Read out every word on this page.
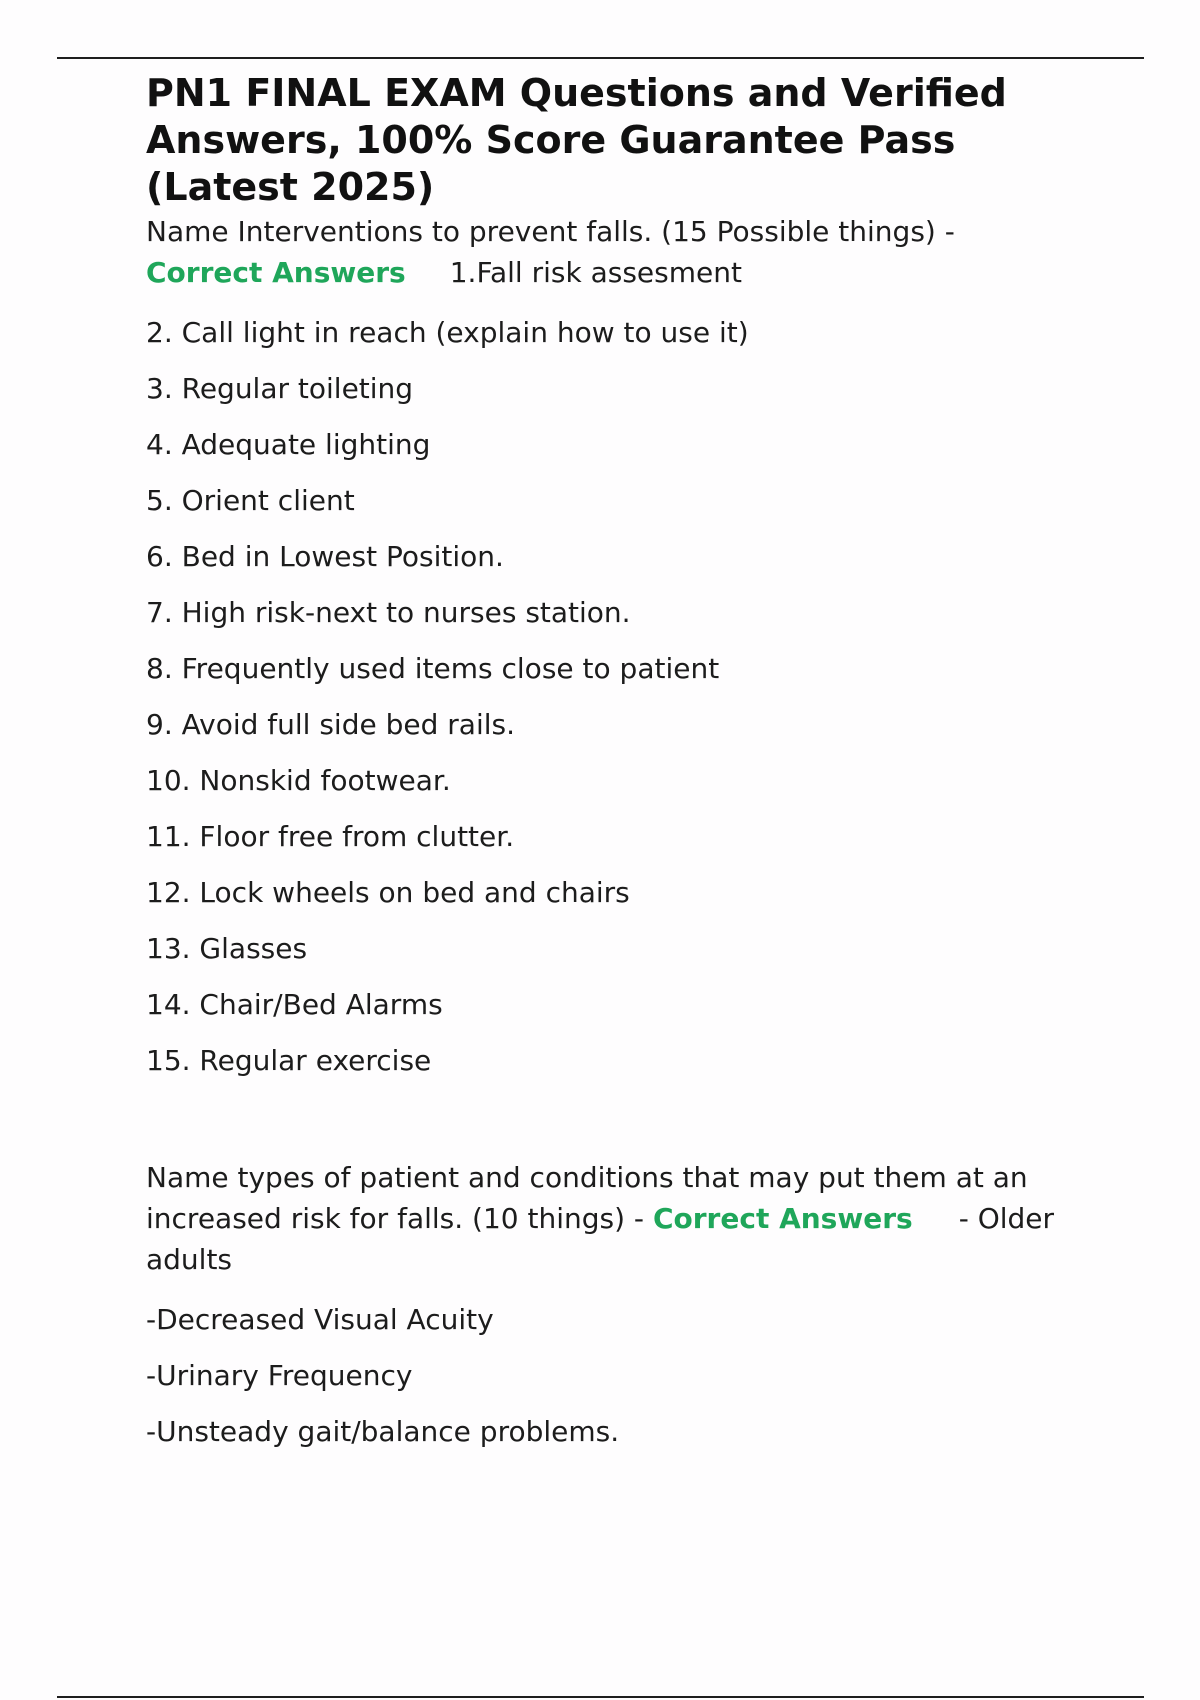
PN1 FINAL EXAM Questions and Verified Answers, 100% Score Guarantee Pass (Latest 2025)

Name Interventions to prevent falls. (15 Possible things) -
Correct Answers 1.Fall risk assesment

2. Call light in reach (explain how to use it)
3. Regular toileting
4. Adequate lighting
5. Orient client
6. Bed in Lowest Position.
7. High risk-next to nurses station.
8. Frequently used items close to patient
9. Avoid full side bed rails.
10. Nonskid footwear.
11. Floor free from clutter.
12. Lock wheels on bed and chairs
13. Glasses
14. Chair/Bed Alarms
15. Regular exercise

Name types of patient and conditions that may put them at an increased risk for falls. (10 things) - Correct Answers - Older adults

-Decreased Visual Acuity
-Urinary Frequency
-Unsteady gait/balance problems.
